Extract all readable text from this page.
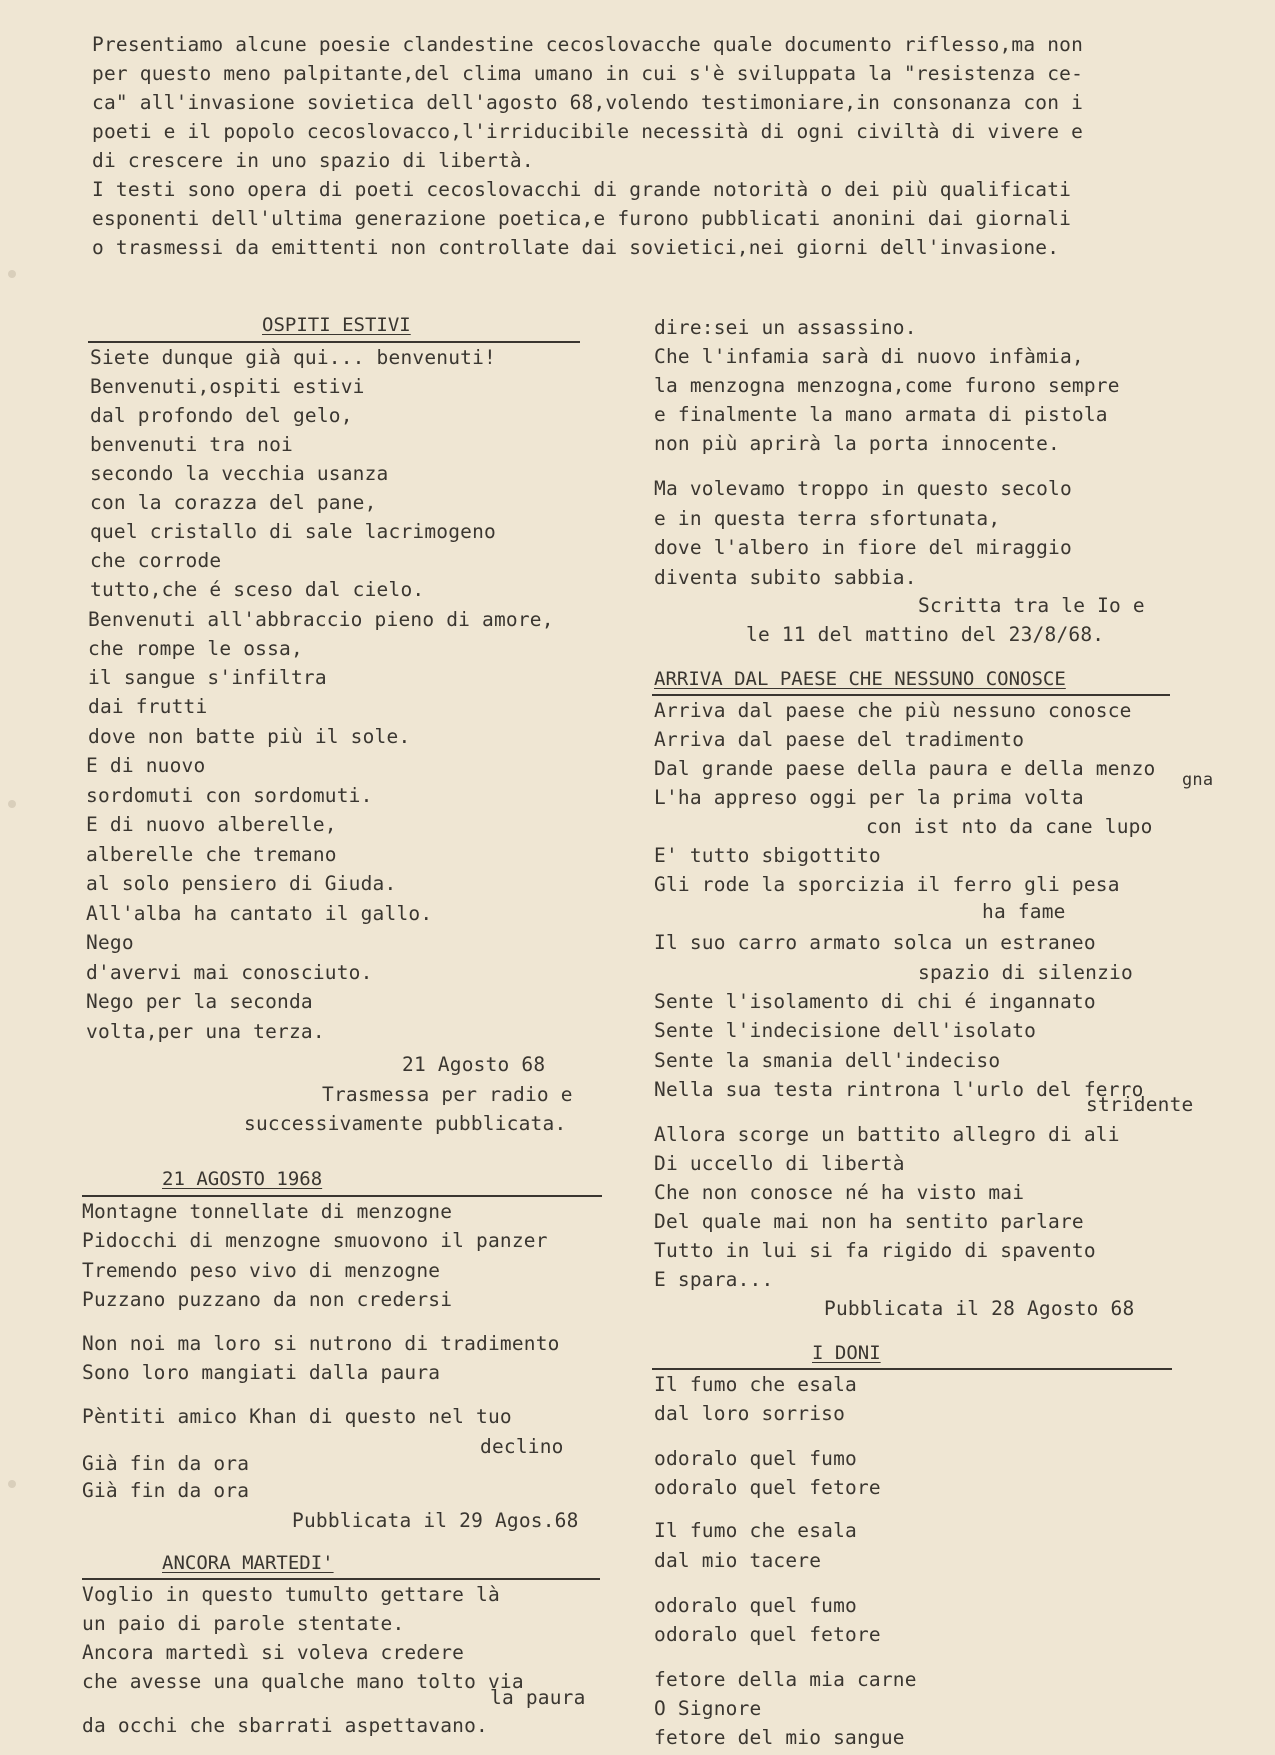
Presentiamo alcune poesie clandestine cecoslovacche quale documento riflesso,ma non
per questo meno palpitante,del clima umano in cui s'è sviluppata la "resistenza ce-
ca" all'invasione sovietica dell'agosto 68,volendo testimoniare,in consonanza con i
poeti e il popolo cecoslovacco,l'irriducibile necessità di ogni civiltà di vivere e
di crescere in uno spazio di libertà.
I testi sono opera di poeti cecoslovacchi di grande notorità o dei più qualificati
esponenti dell'ultima generazione poetica,e furono pubblicati anonini dai giornali
o trasmessi da emittenti non controllate dai sovietici,nei giorni dell'invasione.
OSPITI ESTIVI
Siete dunque già qui... benvenuti!
Benvenuti,ospiti estivi
dal profondo del gelo,
benvenuti tra noi
secondo la vecchia usanza
con la corazza del pane,
quel cristallo di sale lacrimogeno
che corrode
tutto,che é sceso dal cielo.
Benvenuti all'abbraccio pieno di amore,
che rompe le ossa,
il sangue s'infiltra
dai frutti
dove non batte più il sole.
E di nuovo
sordomuti con sordomuti.
E di nuovo alberelle,
alberelle che tremano
al solo pensiero di Giuda.
All'alba ha cantato il gallo.
Nego
d'avervi mai conosciuto.
Nego per la seconda
volta,per una terza.
21 Agosto 68
Trasmessa per radio e
successivamente pubblicata.
21 AGOSTO 1968
Montagne tonnellate di menzogne
Pidocchi di menzogne smuovono il panzer
Tremendo peso vivo di menzogne
Puzzano puzzano da non credersi
Non noi ma loro si nutrono di tradimento
Sono loro mangiati dalla paura
Pèntiti amico Khan di questo nel tuo
declino
Già fin da ora
Già fin da ora
Pubblicata il 29 Agos.68
ANCORA MARTEDI'
Voglio in questo tumulto gettare là
un paio di parole stentate.
Ancora martedì si voleva credere
che avesse una qualche mano tolto via
la paura
da occhi che sbarrati aspettavano.
dire:sei un assassino.
Che l'infamia sarà di nuovo infàmia,
la menzogna menzogna,come furono sempre
e finalmente la mano armata di pistola
non più aprirà la porta innocente.
Ma volevamo troppo in questo secolo
e in questa terra sfortunata,
dove l'albero in fiore del miraggio
diventa subito sabbia.
Scritta tra le Io e
le 11 del mattino del 23/8/68.
ARRIVA DAL PAESE CHE NESSUNO CONOSCE
Arriva dal paese che più nessuno conosce
Arriva dal paese del tradimento
Dal grande paese della paura e della menzo gna
L'ha appreso oggi per la prima volta
con ist nto da cane lupo
E' tutto sbigottito
Gli rode la sporcizia il ferro gli pesa
ha fame
Il suo carro armato solca un estraneo
spazio di silenzio
Sente l'isolamento di chi é ingannato
Sente l'indecisione dell'isolato
Sente la smania dell'indeciso
Nella sua testa rintrona l'urlo del ferro
stridente
Allora scorge un battito allegro di ali
Di uccello di libertà
Che non conosce né ha visto mai
Del quale mai non ha sentito parlare
Tutto in lui si fa rigido di spavento
E spara...
Pubblicata il 28 Agosto 68
I DONI
Il fumo che esala
dal loro sorriso
odoralo quel fumo
odoralo quel fetore
Il fumo che esala
dal mio tacere
odoralo quel fumo
odoralo quel fetore
fetore della mia carne
O Signore
fetore del mio sangue
